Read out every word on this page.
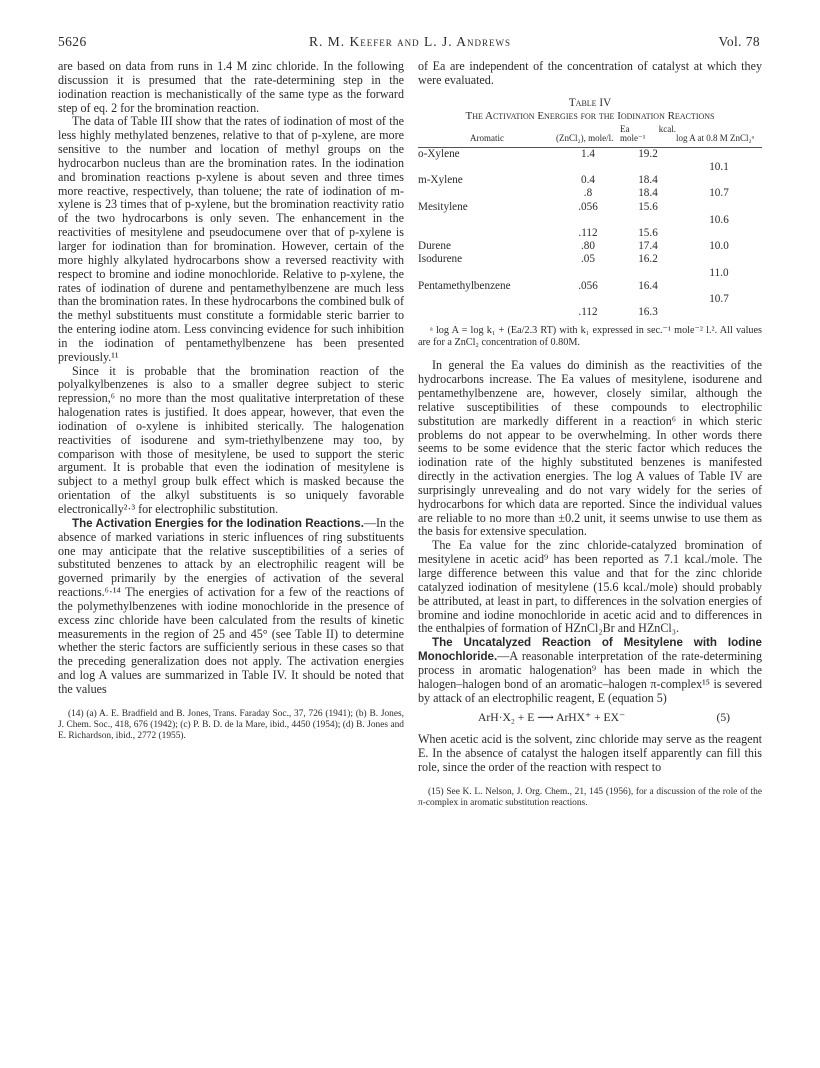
5626	R. M. Keefer and L. J. Andrews	Vol. 78

are based on data from runs in 1.4 M zinc chloride. In the following discussion it is presumed that the rate-determining step in the iodination reaction is mechanistically of the same type as the forward step of eq. 2 for the bromination reaction.

The data of Table III show that the rates of iodination of most of the less highly methylated benzenes, relative to that of p-xylene, are more sensitive to the number and location of methyl groups on the hydrocarbon nucleus than are the bromination rates. In the iodination and bromination reactions p-xylene is about seven and three times more reactive, respectively, than toluene; the rate of iodination of m-xylene is 23 times that of p-xylene, but the bromination reactivity ratio of the two hydrocarbons is only seven. The enhancement in the reactivities of mesitylene and pseudocumene over that of p-xylene is larger for iodination than for bromination. However, certain of the more highly alkylated hydrocarbons show a reversed reactivity with respect to bromine and iodine monochloride. Relative to p-xylene, the rates of iodination of durene and pentamethylbenzene are much less than the bromination rates. In these hydrocarbons the combined bulk of the methyl substituents must constitute a formidable steric barrier to the entering iodine atom. Less convincing evidence for such inhibition in the iodination of pentamethylbenzene has been presented previously.¹¹

Since it is probable that the bromination reaction of the polyalkylbenzenes is also to a smaller degree subject to steric repression,⁶ no more than the most qualitative interpretation of these halogenation rates is justified. It does appear, however, that even the iodination of o-xylene is inhibited sterically. The halogenation reactivities of isodurene and sym-triethylbenzene may too, by comparison with those of mesitylene, be used to support the steric argument. It is probable that even the iodination of mesitylene is subject to a methyl group bulk effect which is masked because the orientation of the alkyl substituents is so uniquely favorable electronically²·³ for electrophilic substitution.

The Activation Energies for the Iodination Reactions.—In the absence of marked variations in steric influences of ring substituents one may anticipate that the relative susceptibilities of a series of substituted benzenes to attack by an electrophilic reagent will be governed primarily by the energies of activation of the several reactions.⁶·¹⁴ The energies of activation for a few of the reactions of the polymethylbenzenes with iodine monochloride in the presence of excess zinc chloride have been calculated from the results of kinetic measurements in the region of 25 and 45° (see Table II) to determine whether the steric factors are sufficiently serious in these cases so that the preceding generalization does not apply. The activation energies and log A values are summarized in Table IV. It should be noted that the values

(14) (a) A. E. Bradfield and B. Jones, Trans. Faraday Soc., 37, 726 (1941); (b) B. Jones, J. Chem. Soc., 418, 676 (1942); (c) P. B. D. de la Mare, ibid., 4450 (1954); (d) B. Jones and E. Richardson, ibid., 2772 (1955).

of Ea are independent of the concentration of catalyst at which they were evaluated.

Table IV
The Activation Energies for the Iodination Reactions
Aromatic	(ZnCl₂), mole/l.	Ea kcal. mole⁻¹	log A at 0.8 M ZnCl₂ᵃ
o-Xylene	1.4	19.2	
			10.1
m-Xylene	0.4	18.4	
	.8	18.4	10.7
Mesitylene	.056	15.6	
			10.6
	.112	15.6	
Durene	.80	17.4	10.0
Isodurene	.05	16.2	
			11.0
Pentamethylbenzene	.056	16.4	
			10.7
	.112	16.3	

ᵃ log A = log k₁ + (Ea/2.3 RT) with k₁ expressed in sec.⁻¹ mole⁻² l.². All values are for a ZnCl₂ concentration of 0.80M.

In general the Ea values do diminish as the reactivities of the hydrocarbons increase. The Ea values of mesitylene, isodurene and pentamethylbenzene are, however, closely similar, although the relative susceptibilities of these compounds to electrophilic substitution are markedly different in a reaction⁶ in which steric problems do not appear to be overwhelming. In other words there seems to be some evidence that the steric factor which reduces the iodination rate of the highly substituted benzenes is manifested directly in the activation energies. The log A values of Table IV are surprisingly unrevealing and do not vary widely for the series of hydrocarbons for which data are reported. Since the individual values are reliable to no more than ±0.2 unit, it seems unwise to use them as the basis for extensive speculation.

The Ea value for the zinc chloride-catalyzed bromination of mesitylene in acetic acid⁹ has been reported as 7.1 kcal./mole. The large difference between this value and that for the zinc chloride catalyzed iodination of mesitylene (15.6 kcal./mole) should probably be attributed, at least in part, to differences in the solvation energies of bromine and iodine monochloride in acetic acid and to differences in the enthalpies of formation of HZnCl₂Br and HZnCl₃.

The Uncatalyzed Reaction of Mesitylene with Iodine Monochloride.—A reasonable interpretation of the rate-determining process in aromatic halogenation⁹ has been made in which the halogen–halogen bond of an aromatic–halogen π-complex¹⁵ is severed by attack of an electrophilic reagent, E (equation 5)

ArH·X₂ + E ⟶ ArHX⁺ + EX⁻	(5)

When acetic acid is the solvent, zinc chloride may serve as the reagent E. In the absence of catalyst the halogen itself apparently can fill this role, since the order of the reaction with respect to

(15) See K. L. Nelson, J. Org. Chem., 21, 145 (1956), for a discussion of the role of the π-complex in aromatic substitution reactions.
